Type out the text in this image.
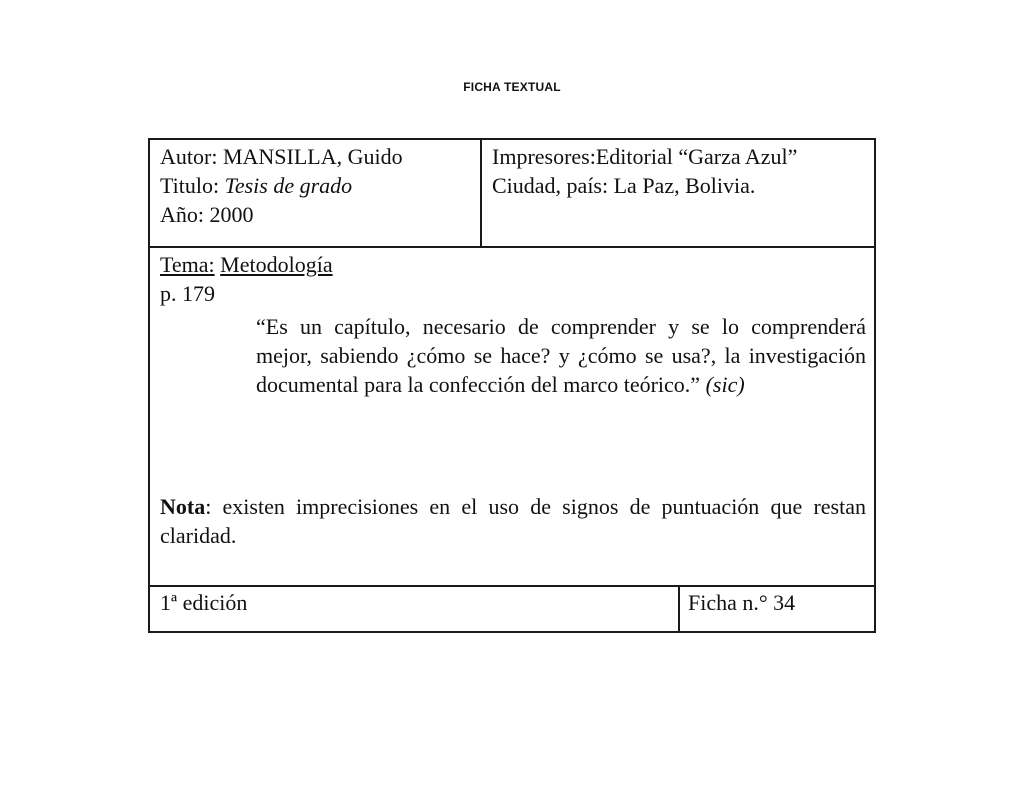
FICHA TEXTUAL
Autor: MANSILLA, Guido
Titulo: Tesis de grado
Año: 2000
Impresores:Editorial “Garza Azul”
Ciudad, país: La Paz, Bolivia.
Tema: Metodología
p. 179
“Es un capítulo, necesario de comprender y se lo comprenderá mejor, sabiendo ¿cómo se hace? y ¿cómo se usa?, la investigación documental para la confección del marco teórico.” (sic)
Nota: existen imprecisiones en el uso de signos de puntuación que restan claridad.
1ª edición	Ficha n.° 34
